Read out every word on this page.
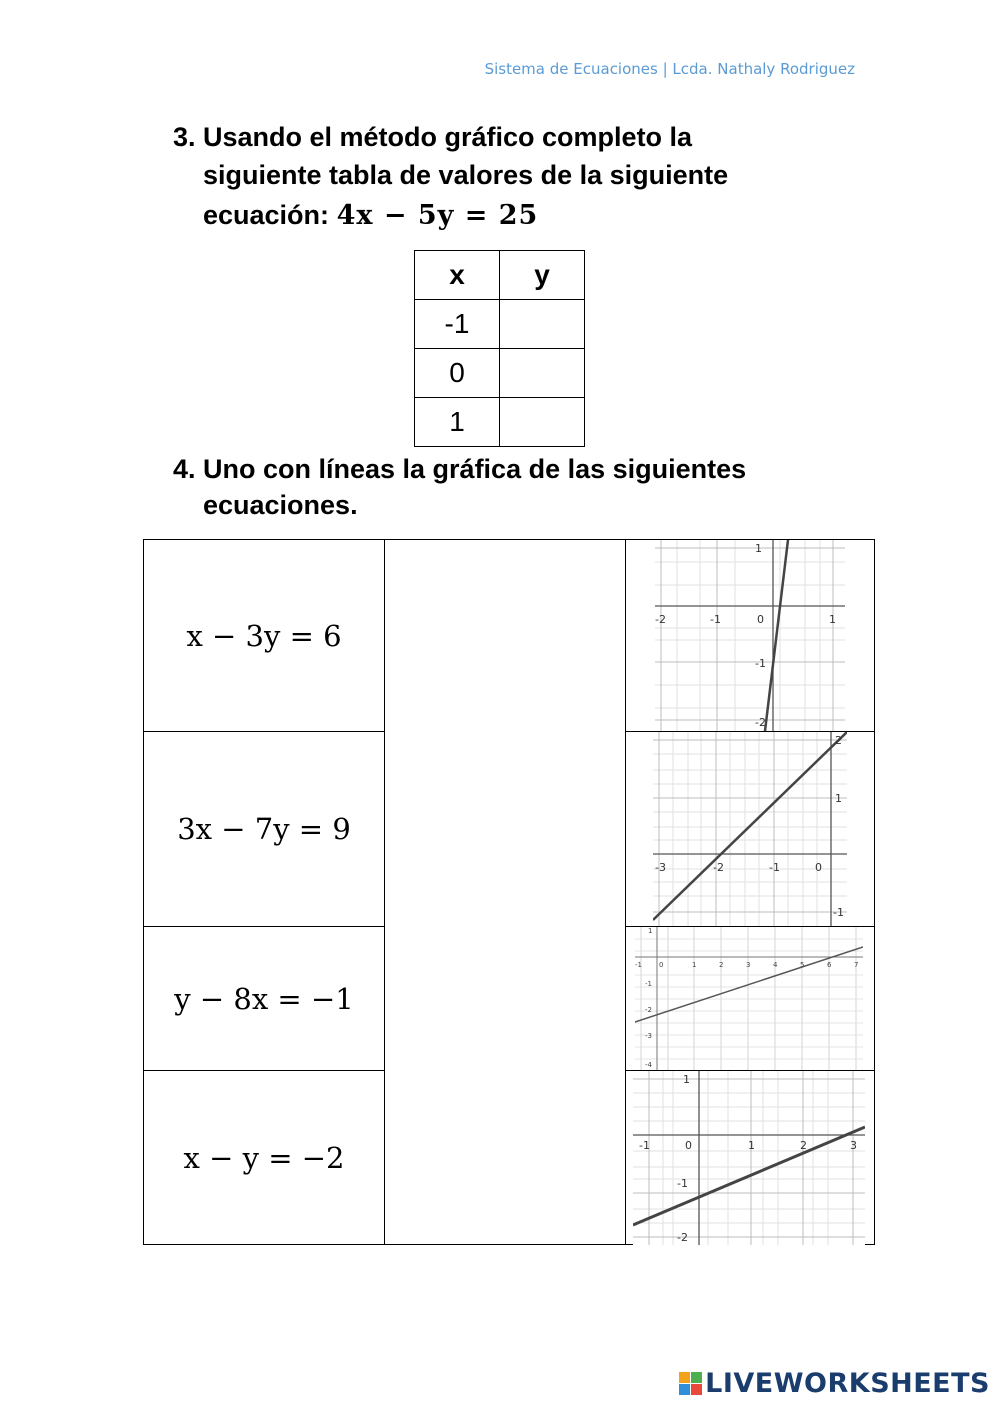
Sistema de Ecuaciones | Lcda. Nathaly Rodriguez
3. Usando el método gráfico completo la
siguiente tabla de valores de la siguiente
ecuación: 4x − 5y = 25
x	y
-1	
0	
1	
4. Uno con líneas la gráfica de las siguientes
ecuaciones.
x − 3y = 6
3x − 7y = 9
y − 8x = −1
x − y = −2
-2	-1	0	1
1
-1
-2
-3	-2	-1	0
2
1
-1
-1 0	1	2	3	4	5	6	7
1
-1
-2
-3
-4
-1	0	1	2	3
1
-1
-2
LIVEWORKSHEETS
